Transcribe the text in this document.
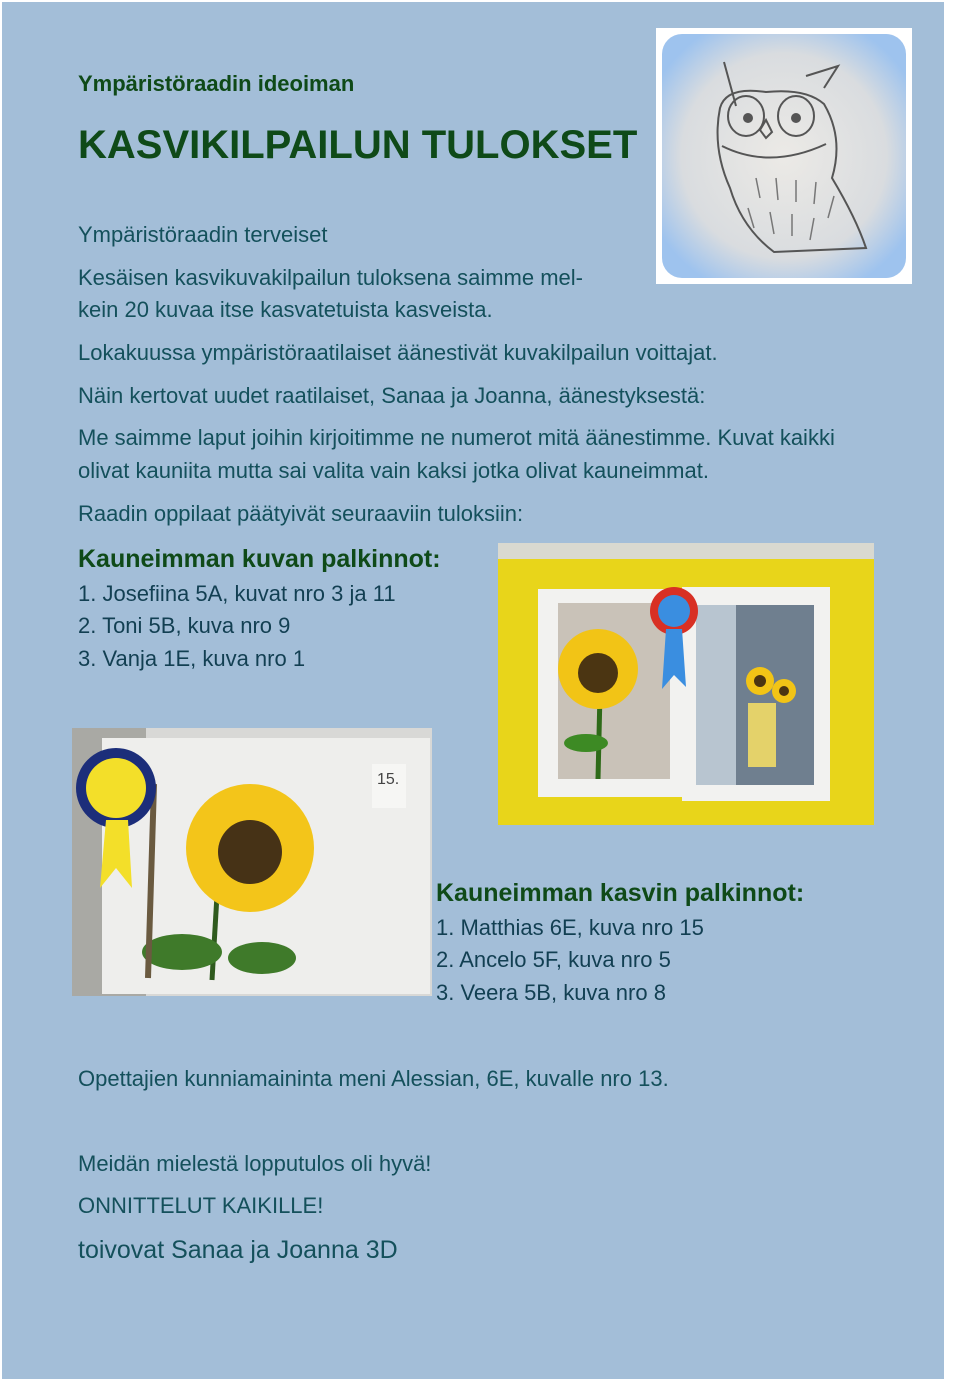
Ympäristöraadin ideoiman

KASVIKILPAILUN TULOKSET

Ympäristöraadin terveiset

Kesäisen kasvikuvakilpailun tuloksena saimme mel-

kein 20 kuvaa itse kasvatetuista kasveista.

Lokakuussa ympäristöraatilaiset äänestivät kuvakilpailun voittajat.

Näin kertovat uudet raatilaiset, Sanaa ja Joanna, äänestyksestä:

Me saimme laput joihin kirjoitimme ne numerot mitä äänestimme. Kuvat kaikki

olivat kauniita mutta sai valita vain kaksi jotka olivat kauneimmat.

Raadin oppilaat päätyivät seuraaviin tuloksiin:

Kauneimman kuvan palkinnot:

1. Josefiina 5A, kuvat nro 3 ja 11

2. Toni 5B, kuva nro 9

3. Vanja 1E, kuva nro 1

15.
Kauneimman kasvin palkinnot:

1. Matthias 6E, kuva nro 15

2. Ancelo 5F, kuva nro 5

3. Veera 5B, kuva nro 8

Opettajien kunniamaininta meni Alessian, 6E, kuvalle nro 13.

Meidän mielestä lopputulos oli hyvä!

ONNITTELUT KAIKILLE!

toivovat Sanaa ja Joanna 3D
